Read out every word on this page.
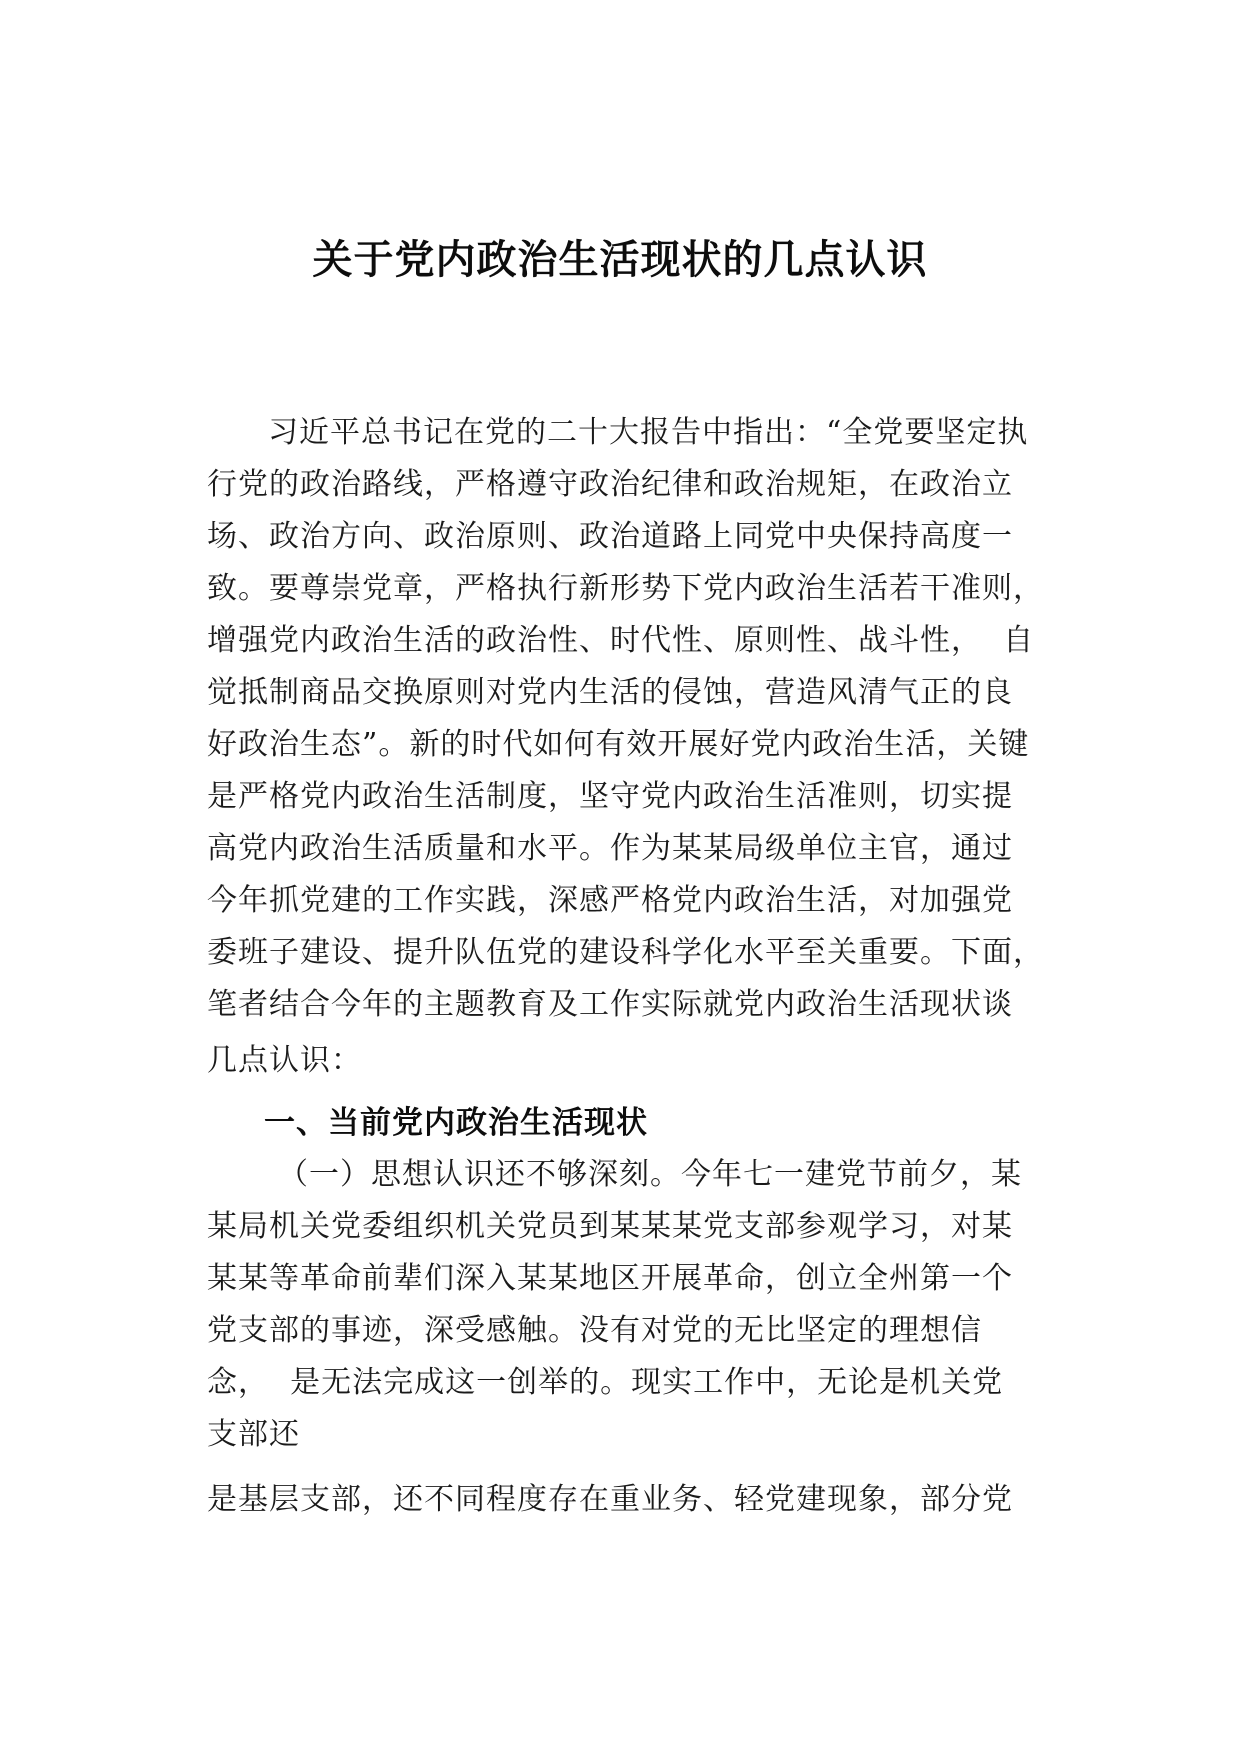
关于党内政治生活现状的几点认识
习近平总书记在党的二十大报告中指出：“全党要坚定执
行党的政治路线，严格遵守政治纪律和政治规矩，在政治立
场、政治方向、政治原则、政治道路上同党中央保持高度一
致。要尊崇党章，严格执行新形势下党内政治生活若干准则，
增强党内政治生活的政治性、时代性、原则性、战斗性，  自
觉抵制商品交换原则对党内生活的侵蚀，营造风清气正的良
好政治生态”。新的时代如何有效开展好党内政治生活，关键
是严格党内政治生活制度，坚守党内政治生活准则，切实提
高党内政治生活质量和水平。作为某某局级单位主官，通过
今年抓党建的工作实践，深感严格党内政治生活，对加强党
委班子建设、提升队伍党的建设科学化水平至关重要。下面，
笔者结合今年的主题教育及工作实际就党内政治生活现状谈
几点认识：
一、当前党内政治生活现状
（一）思想认识还不够深刻。今年七一建党节前夕，某
某局机关党委组织机关党员到某某某党支部参观学习，对某
某某等革命前辈们深入某某地区开展革命，创立全州第一个
党支部的事迹，深受感触。没有对党的无比坚定的理想信
念，  是无法完成这一创举的。现实工作中，无论是机关党
支部还
是基层支部，还不同程度存在重业务、轻党建现象，部分党
